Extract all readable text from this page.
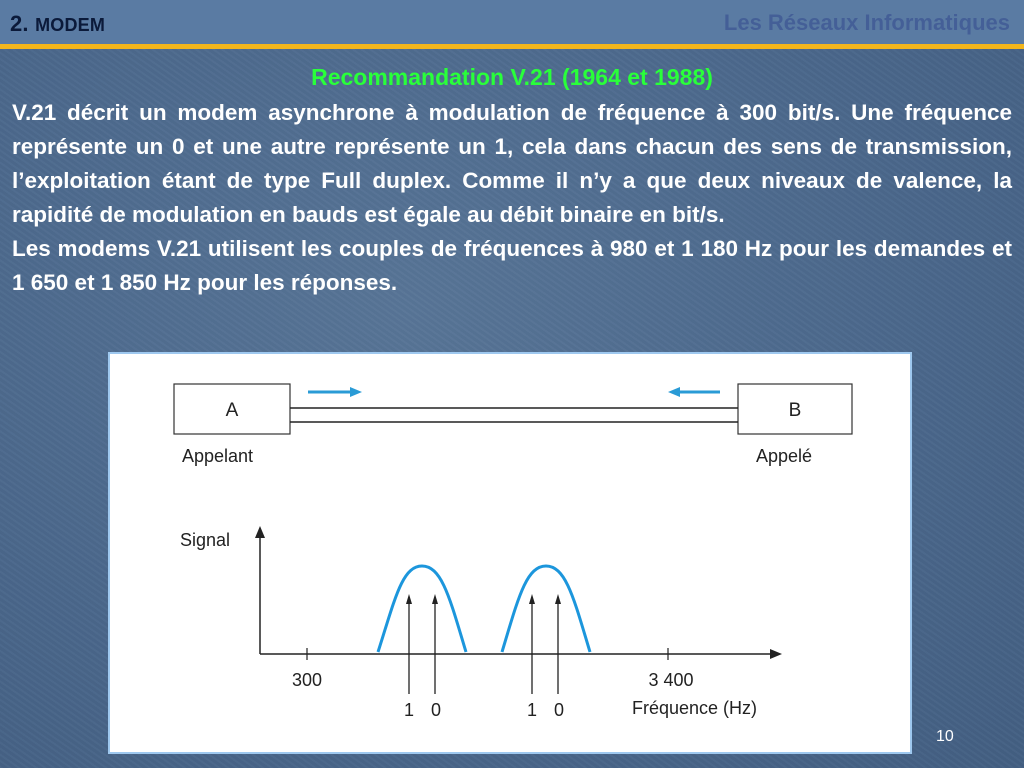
2. MODEM	Les Réseaux Informatiques
Recommandation V.21 (1964 et 1988)

V.21 décrit un modem asynchrone à modulation de fréquence à 300 bit/s. Une fréquence représente un 0 et une autre représente un 1, cela dans chacun des sens de transmission, l’exploitation étant de type Full duplex. Comme il n’y a que deux niveaux de valence, la rapidité de modulation en bauds est égale au débit binaire en bit/s.

Les modems V.21 utilisent les couples de fréquences à 980 et 1 180 Hz pour les demandes et 1 650 et 1 850 Hz pour les réponses.

A	B
Appelant	Appelé
Signal
300	3 400
1 0	1 0	Fréquence (Hz)
10
